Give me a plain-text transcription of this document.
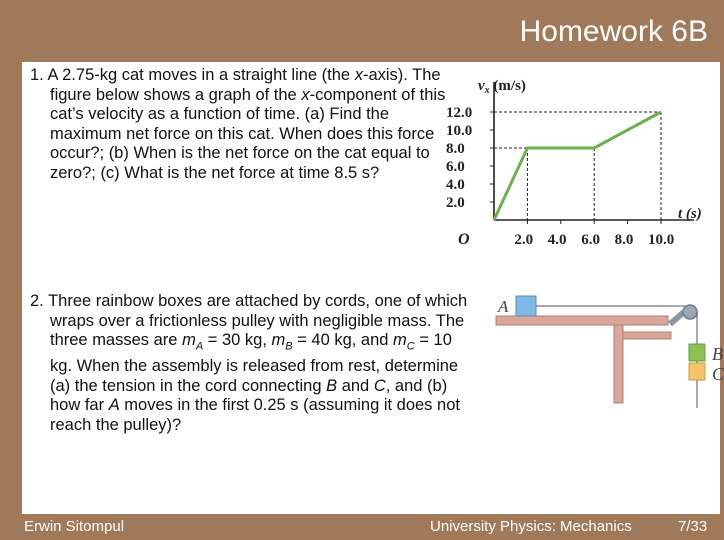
Homework 6B
1. A 2.75-kg cat moves in a straight line (the x-axis). The figure below shows a graph of the x-component of this cat’s velocity as a function of time. (a) Find the maximum net force on this cat. When does this force occur?; (b) When is the net force on the cat equal to zero?; (c) What is the net force at time 8.5 s?
$v_x$ (m/s)
t (s)
O
2.0
4.0
6.0
8.0
10.0
12.0
2.0 4.0 6.0 8.0 10.0
2. Three rainbow boxes are attached by cords, one of which wraps over a frictionless pulley with negligible mass. The three masses are $m_A = 30$ kg, $m_B = 40$ kg, and $m_C = 10$ kg. When the assembly is released from rest, determine (a) the tension in the cord connecting B and C, and (b) how far A moves in the first 0.25 s (assuming it does not reach the pulley)?
A
B
C
Erwin Sitompul	University Physics: Mechanics	7/33
